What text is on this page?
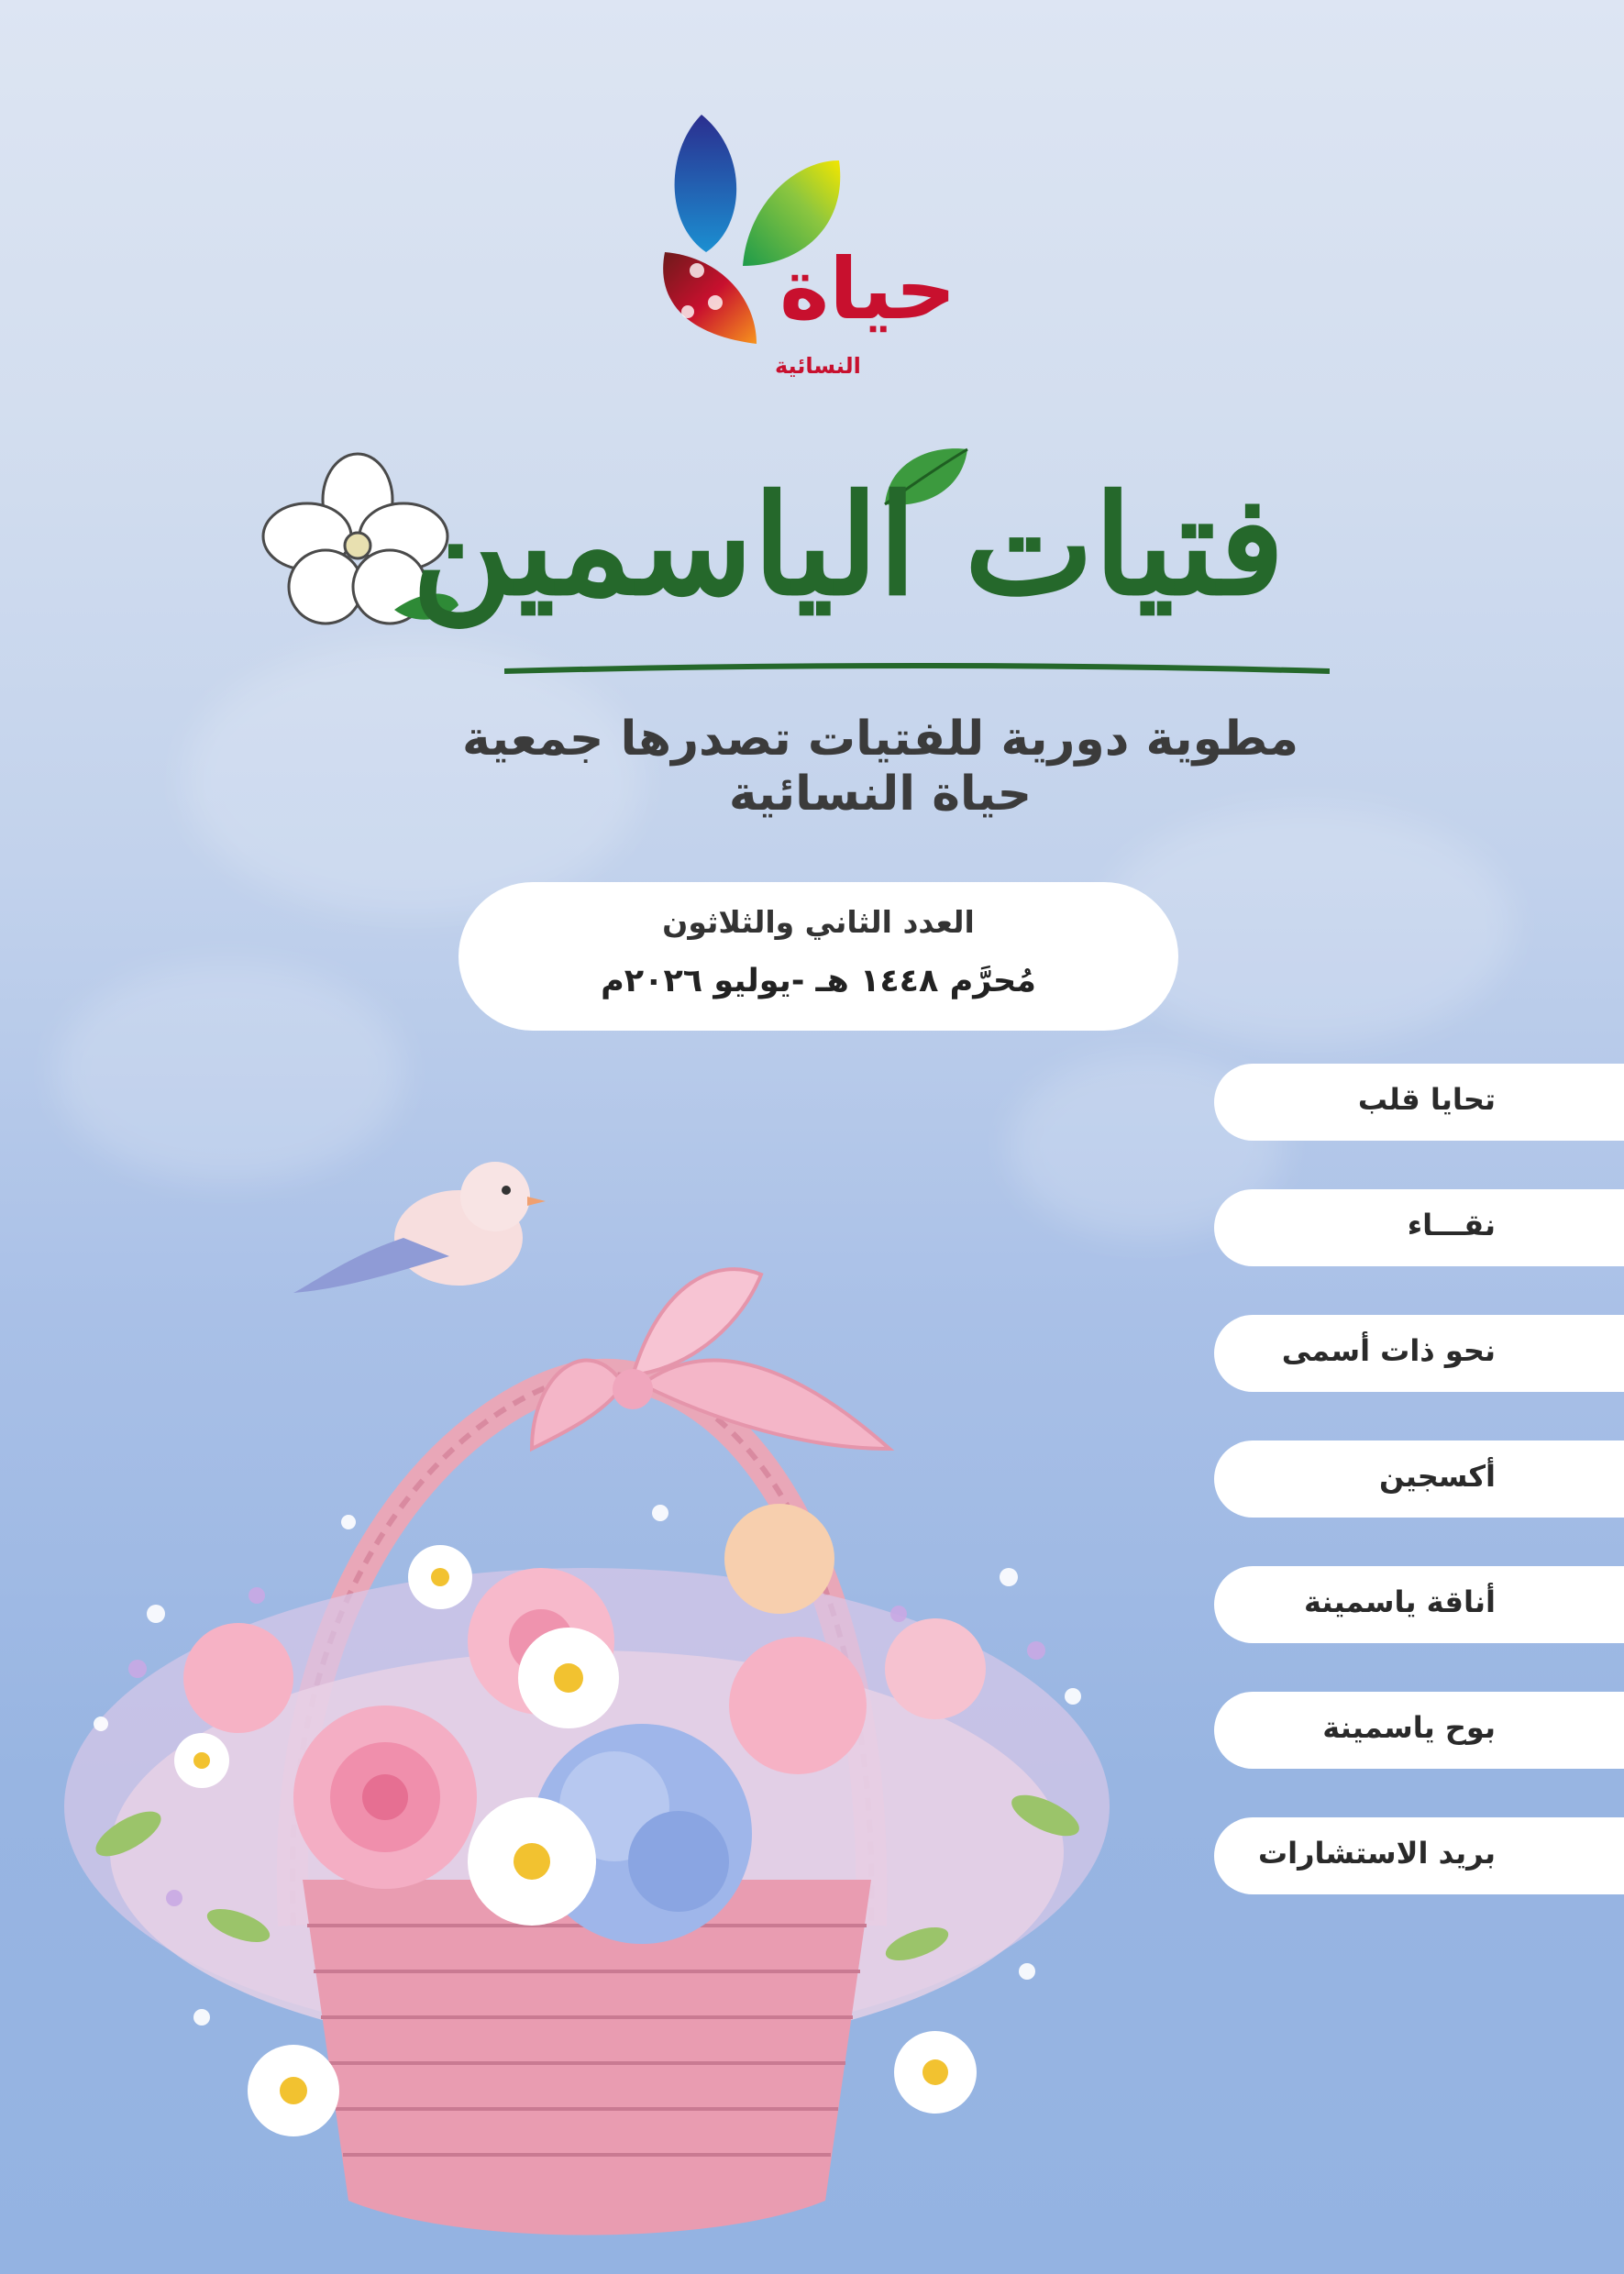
حياة
النسائية
فتيات الياسمين
مطوية دورية للفتيات تصدرها جمعية حياة النسائية
العدد الثاني والثلاثون
مُحرَّم ١٤٤٨ هـ -يوليو ٢٠٢٦م
تحايا قلب
نقـــاء
نحو ذات أسمى
أكسجين
أناقة ياسمينة
بوح ياسمينة
بريد الاستشارات
